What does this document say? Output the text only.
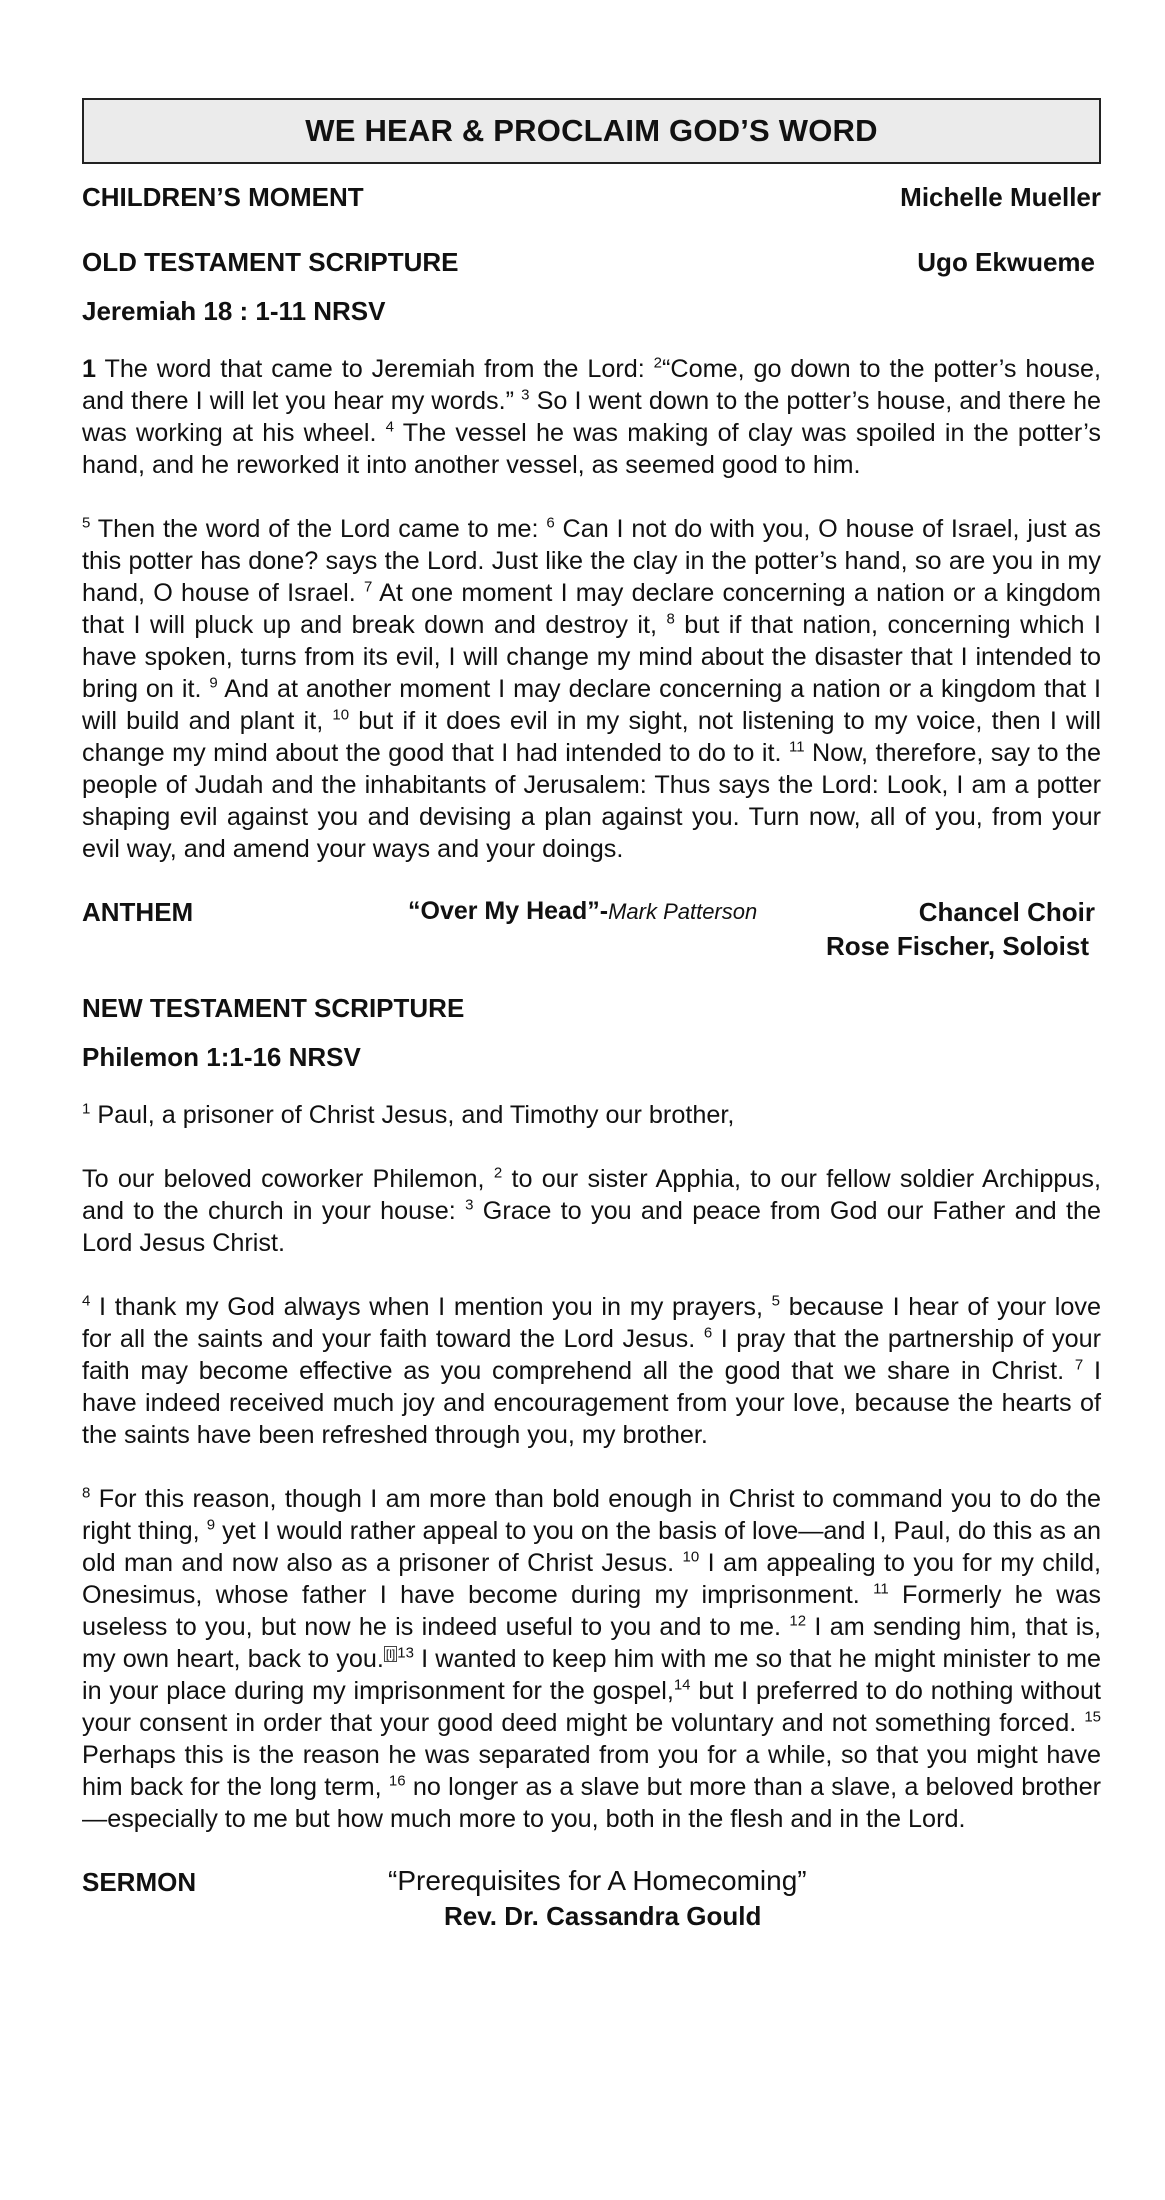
WE HEAR & PROCLAIM GOD’S WORD
CHILDREN’S MOMENT	Michelle Mueller
OLD TESTAMENT SCRIPTURE	Ugo Ekwueme
Jeremiah 18 : 1-11 NRSV
1 The word that came to Jeremiah from the Lord: $^2$“Come, go down to the potter’s house, and there I will let you hear my words.” $^3$ So I went down to the potter’s house, and there he was working at his wheel. $^4$ The vessel he was making of clay was spoiled in the potter’s hand, and he reworked it into another vessel, as seemed good to him.
$^5$ Then the word of the Lord came to me: $^6$ Can I not do with you, O house of Israel, just as this potter has done? says the Lord. Just like the clay in the potter’s hand, so are you in my hand, O house of Israel. $^7$ At one moment I may declare concerning a nation or a kingdom that I will pluck up and break down and destroy it, $^8$ but if that nation, concerning which I have spoken, turns from its evil, I will change my mind about the disaster that I intended to bring on it. $^9$ And at another moment I may declare concerning a nation or a kingdom that I will build and plant it, $^{10}$ but if it does evil in my sight, not listening to my voice, then I will change my mind about the good that I had intended to do to it. $^{11}$ Now, therefore, say to the people of Judah and the inhabitants of Jerusalem: Thus says the Lord: Look, I am a potter shaping evil against you and devising a plan against you. Turn now, all of you, from your evil way, and amend your ways and your doings.
ANTHEM	“Over My Head”-Mark Patterson	Chancel Choir
Rose Fischer, Soloist
NEW TESTAMENT SCRIPTURE
Philemon 1:1-16 NRSV
$^1$ Paul, a prisoner of Christ Jesus, and Timothy our brother,
To our beloved coworker Philemon, $^2$ to our sister Apphia, to our fellow soldier Archippus, and to the church in your house: $^3$ Grace to you and peace from God our Father and the Lord Jesus Christ.
$^4$ I thank my God always when I mention you in my prayers, $^5$ because I hear of your love for all the saints and your faith toward the Lord Jesus. $^6$ I pray that the partnership of your faith may become effective as you comprehend all the good that we share in Christ. $^7$ I have indeed received much joy and encouragement from your love, because the hearts of the saints have been refreshed through you, my brother.
$^8$ For this reason, though I am more than bold enough in Christ to command you to do the right thing, $^9$ yet I would rather appeal to you on the basis of love—and I, Paul, do this as an old man and now also as a prisoner of Christ Jesus. $^{10}$ I am appealing to you for my child, Onesimus, whose father I have become during my imprisonment. $^{11}$ Formerly he was useless to you, but now he is indeed useful to you and to me. $^{12}$ I am sending him, that is, my own heart, back to you. [l] $^{13}$ I wanted to keep him with me so that he might minister to me in your place during my imprisonment for the gospel,$^{14}$ but I preferred to do nothing without your consent in order that your good deed might be voluntary and not something forced. $^{15}$ Perhaps this is the reason he was separated from you for a while, so that you might have him back for the long term, $^{16}$ no longer as a slave but more than a slave, a beloved brother—especially to me but how much more to you, both in the flesh and in the Lord.
SERMON	“Prerequisites for A Homecoming”
Rev. Dr. Cassandra Gould
